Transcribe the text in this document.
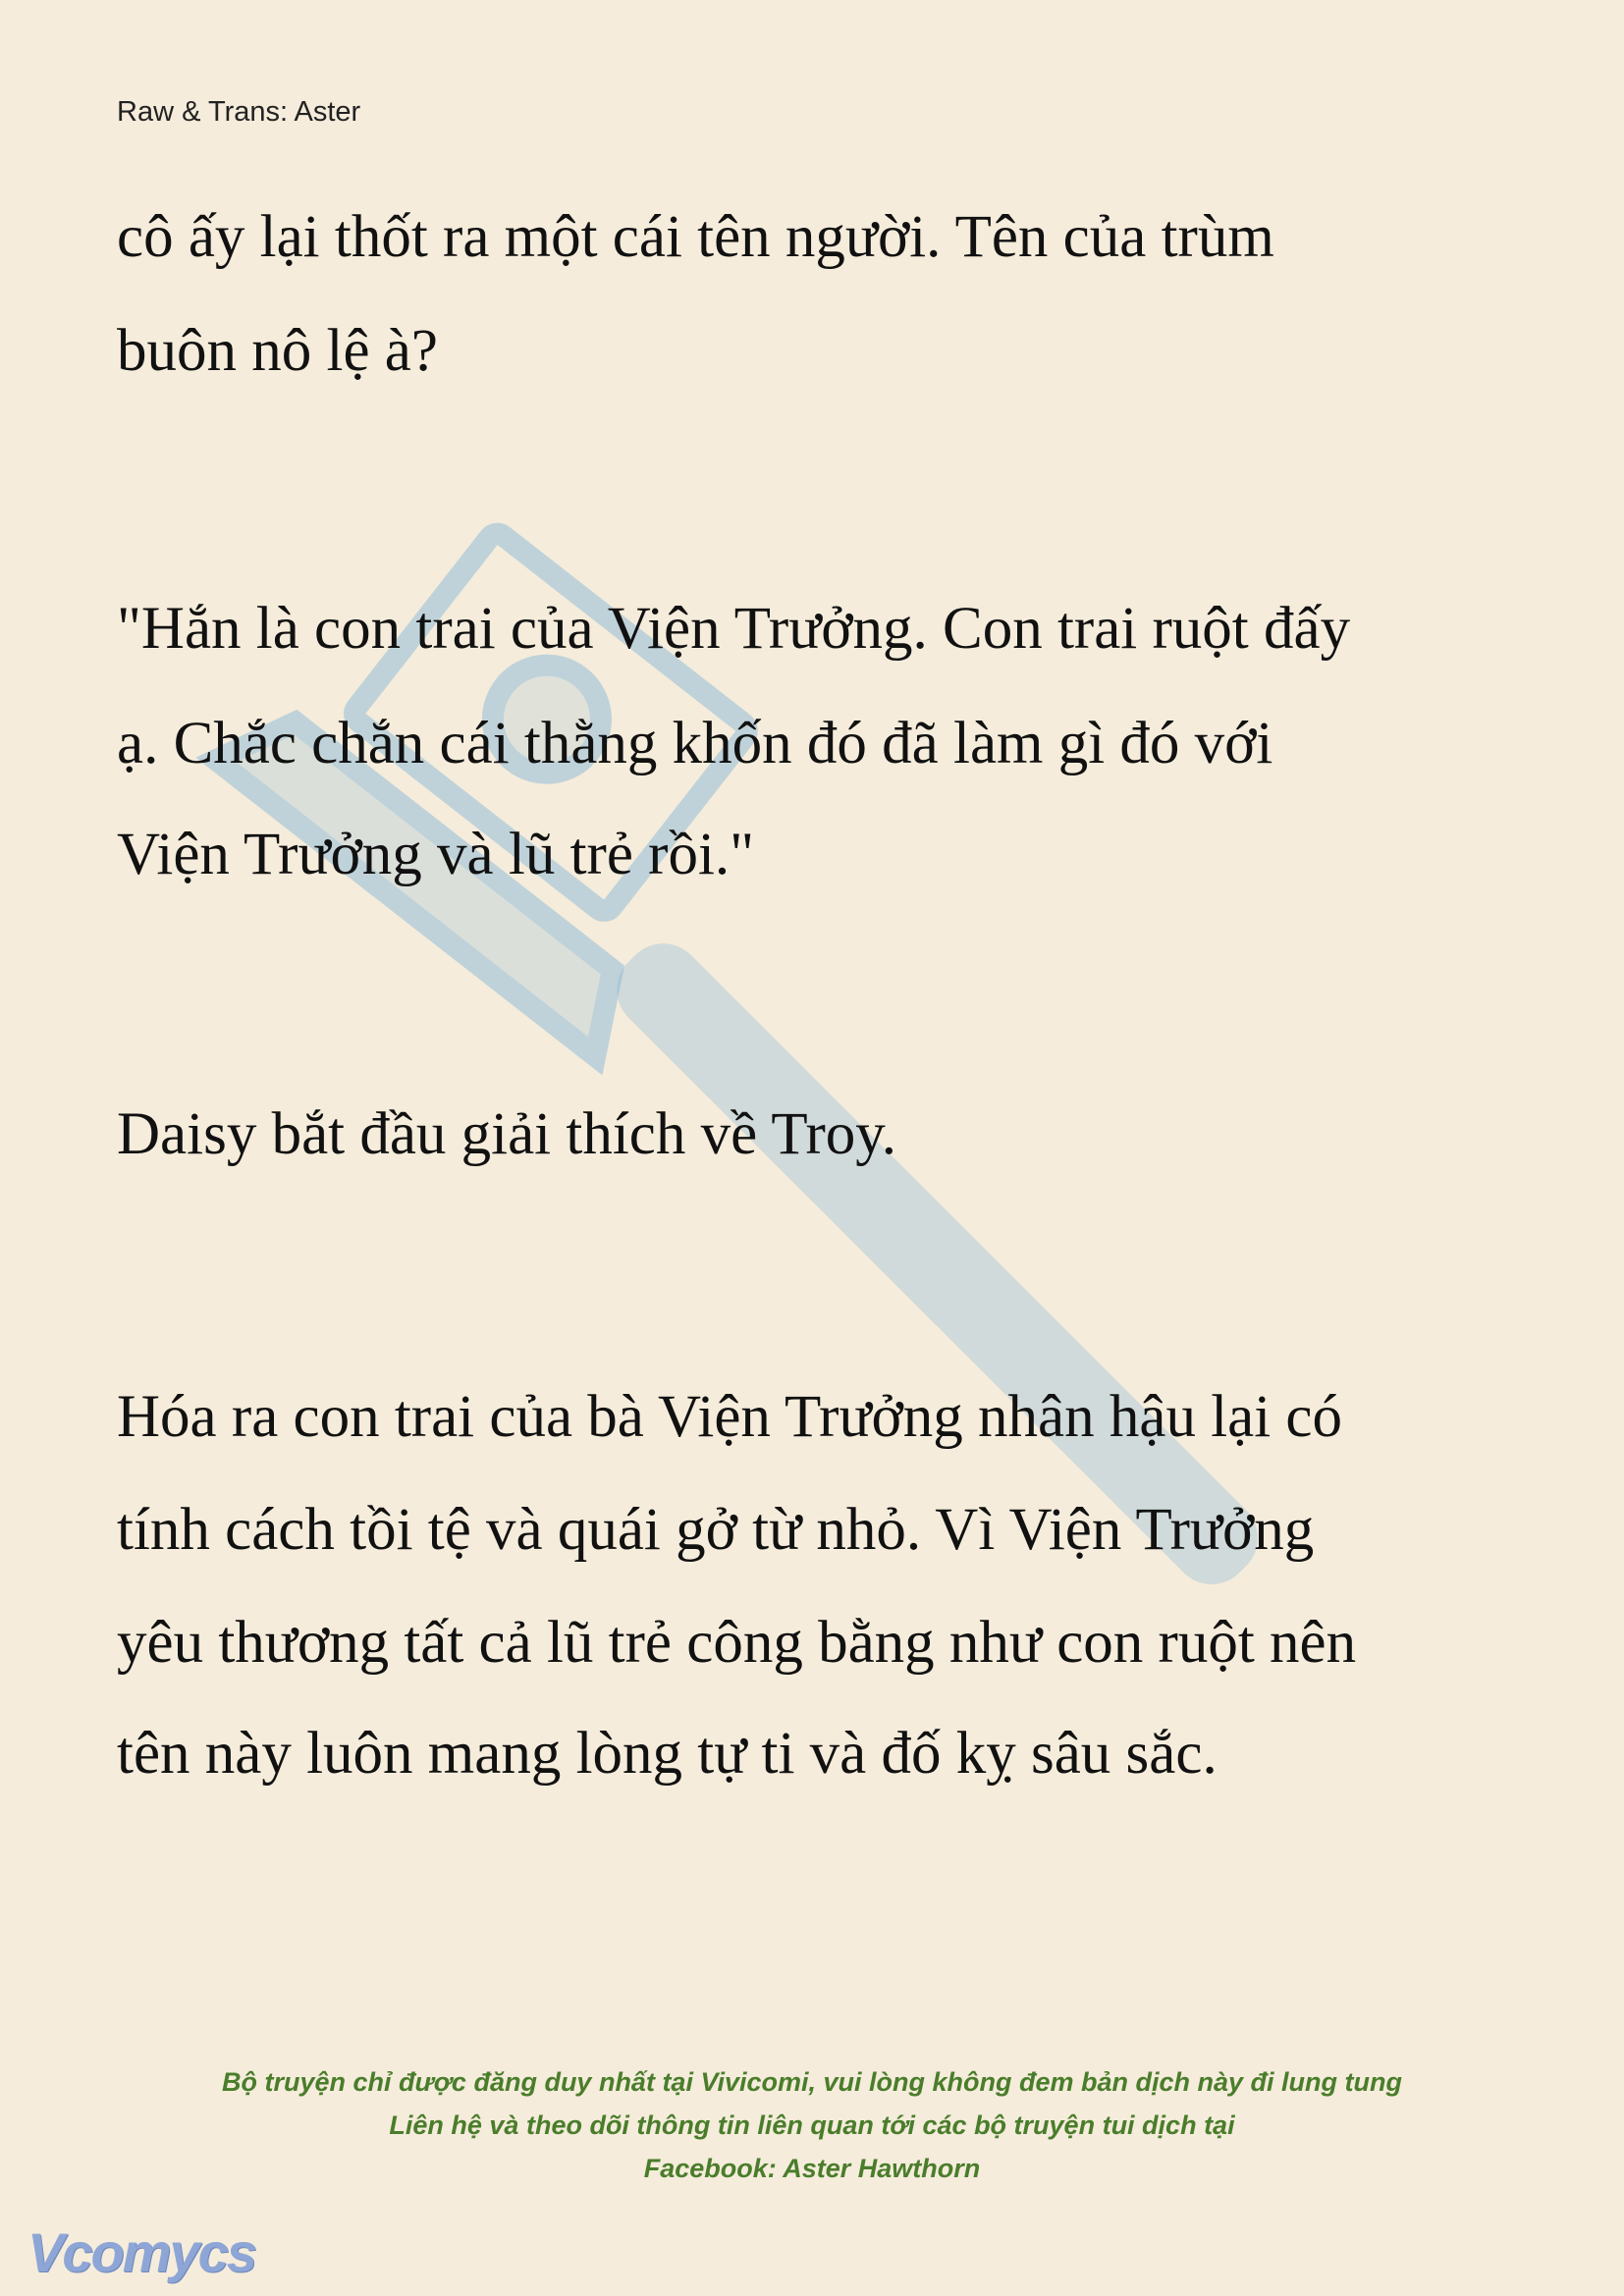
Raw & Trans: Aster
cô ấy lại thốt ra một cái tên người. Tên của trùm
buôn nô lệ à?
"Hắn là con trai của Viện Trưởng. Con trai ruột đấy
ạ. Chắc chắn cái thằng khốn đó đã làm gì đó với
Viện Trưởng và lũ trẻ rồi."
Daisy bắt đầu giải thích về Troy.
Hóa ra con trai của bà Viện Trưởng nhân hậu lại có
tính cách tồi tệ và quái gở từ nhỏ. Vì Viện Trưởng
yêu thương tất cả lũ trẻ công bằng như con ruột nên
tên này luôn mang lòng tự ti và đố kỵ sâu sắc.
Bộ truyện chỉ được đăng duy nhất tại Vivicomi, vui lòng không đem bản dịch này đi lung tung
Liên hệ và theo dõi thông tin liên quan tới các bộ truyện tui dịch tại
Facebook: Aster Hawthorn
Vcomycs
